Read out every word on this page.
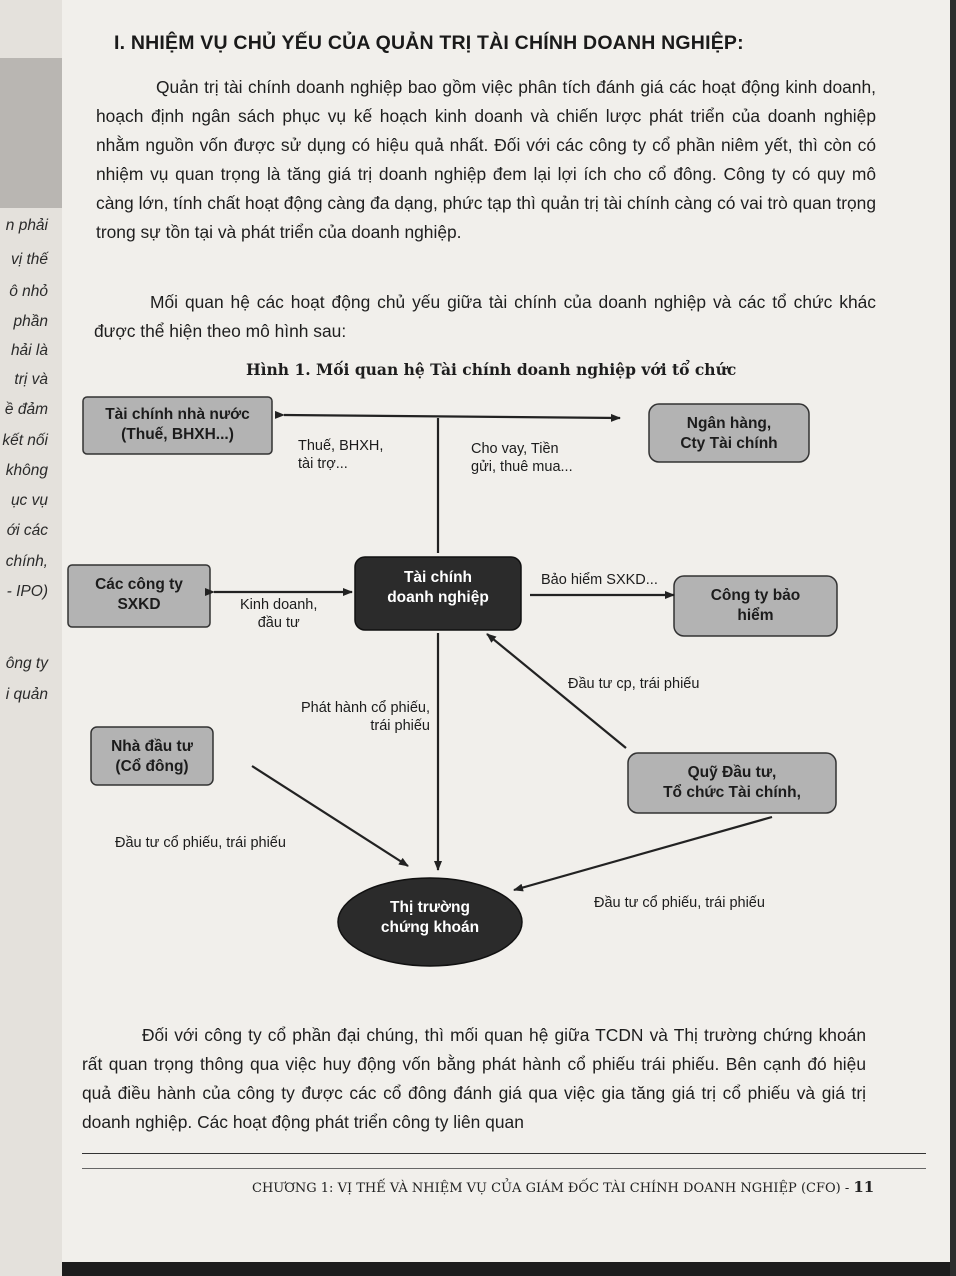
n phải
vị thế
ô nhỏ
phần
hải là
trị và
ề đảm
kết nối
không
ục vụ
ới các
chính,
- IPO)
ông ty
i quản
I. NHIỆM VỤ CHỦ YẾU CỦA QUẢN TRỊ TÀI CHÍNH DOANH NGHIỆP:

Quản trị tài chính doanh nghiệp bao gồm việc phân tích đánh giá các hoạt động kinh doanh, hoạch định ngân sách phục vụ kế hoạch kinh doanh và chiến lược phát triển của doanh nghiệp nhằm nguồn vốn được sử dụng có hiệu quả nhất. Đối với các công ty cổ phần niêm yết, thì còn có nhiệm vụ quan trọng là tăng giá trị doanh nghiệp đem lại lợi ích cho cổ đông. Công ty có quy mô càng lớn, tính chất hoạt động càng đa dạng, phức tạp thì quản trị tài chính càng có vai trò quan trọng trong sự tồn tại và phát triển của doanh nghiệp.

Mối quan hệ các hoạt động chủ yếu giữa tài chính của doanh nghiệp và các tổ chức khác được thể hiện theo mô hình sau:

Hình 1. Mối quan hệ Tài chính doanh nghiệp với tổ chức
Tài chính nhà nước
(Thuế, BHXH...)
Ngân hàng,
Cty Tài chính
Các công ty
SXKD
Tài chính
doanh nghiệp	Công ty bảo
hiểm
Nhà đầu tư
(Cổ đông)	Quỹ Đầu tư,
Tổ chức Tài chính,
Thị trường
chứng khoán
Thuế, BHXH,
tài trợ...
Cho vay, Tiền
gửi, thuê mua...
Bảo hiểm SXKD...
Kinh doanh,
đầu tư
Đầu tư cp, trái phiếu
Phát hành cổ phiếu,
trái phiếu
Đầu tư cổ phiếu, trái phiếu
Đầu tư cổ phiếu, trái phiếu

Đối với công ty cổ phần đại chúng, thì mối quan hệ giữa TCDN và Thị trường chứng khoán rất quan trọng thông qua việc huy động vốn bằng phát hành cổ phiếu trái phiếu. Bên cạnh đó hiệu quả điều hành của công ty được các cổ đông đánh giá qua việc gia tăng giá trị cổ phiếu và giá trị doanh nghiệp. Các hoạt động phát triển công ty liên quan

CHƯƠNG 1: VỊ THẾ VÀ NHIỆM VỤ CỦA GIÁM ĐỐC TÀI CHÍNH DOANH NGHIỆP (CFO) - 11
